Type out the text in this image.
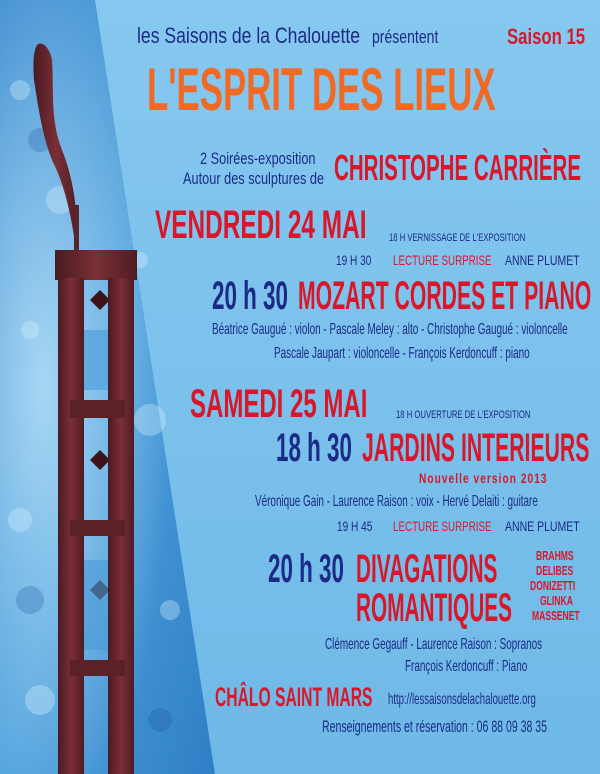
les Saisons de la Chalouette présentent	Saison 15
L'ESPRIT DES LIEUX
2 Soirées-exposition
Autour des sculptures de CHRISTOPHE CARRIÈRE
VENDREDI 24 MAI	18 H VERNISSAGE DE L'EXPOSITION
19 H 30	LECTURE SURPRISE ANNE PLUMET
20 h 30 MOZART CORDES ET PIANO
Béatrice Gaugué : violon - Pascale Meley : alto - Christophe Gaugué : violoncelle
Pascale Jaupart : violoncelle - François Kerdoncuff : piano
SAMEDI 25 MAI	18 H OUVERTURE DE L'EXPOSITION
18 h 30 JARDINS INTERIEURS
Nouvelle version 2013
Véronique Gain - Laurence Raison : voix - Hervé Delaiti : guitare
19 H 45	LECTURE SURPRISE ANNE PLUMET
20 h 30 DIVAGATIONS
ROMANTIQUES
BRAHMS
DELIBES
DONIZETTI
GLINKA
MASSENET
Clémence Gegauff - Laurence Raison : Sopranos
François Kerdoncuff : Piano
CHÂLO SAINT MARS http://lessaisonsdelachalouette.org
Renseignements et réservation : 06 88 09 38 35
